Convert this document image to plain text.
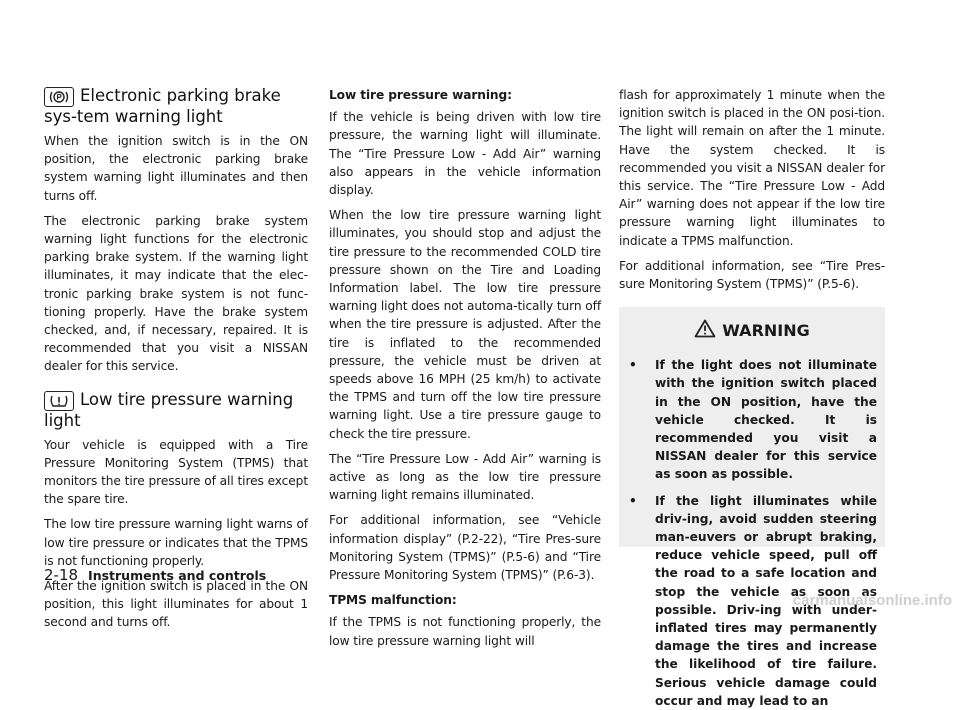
Electronic parking brake sys-tem warning light

When the ignition switch is in the ON position, the electronic parking brake system warning light illuminates and then turns off.

The electronic parking brake system warning light functions for the electronic parking brake system. If the warning light illuminates, it may indicate that the elec-tronic parking brake system is not func-tioning properly. Have the brake system checked, and, if necessary, repaired. It is recommended that you visit a NISSAN dealer for this service.

Low tire pressure warning light

Your vehicle is equipped with a Tire Pressure Monitoring System (TPMS) that monitors the tire pressure of all tires except the spare tire.

The low tire pressure warning light warns of low tire pressure or indicates that the TPMS is not functioning properly.

After the ignition switch is placed in the ON position, this light illuminates for about 1 second and turns off.

Low tire pressure warning:

If the vehicle is being driven with low tire pressure, the warning light will illuminate. The “Tire Pressure Low - Add Air” warning also appears in the vehicle information display.

When the low tire pressure warning light illuminates, you should stop and adjust the tire pressure to the recommended COLD tire pressure shown on the Tire and Loading Information label. The low tire pressure warning light does not automa-tically turn off when the tire pressure is adjusted. After the tire is inflated to the recommended pressure, the vehicle must be driven at speeds above 16 MPH (25 km/h) to activate the TPMS and turn off the low tire pressure warning light. Use a tire pressure gauge to check the tire pressure.

The “Tire Pressure Low - Add Air” warning is active as long as the low tire pressure warning light remains illuminated.

For additional information, see “Vehicle information display” (P.2-22), “Tire Pres-sure Monitoring System (TPMS)” (P.5-6) and “Tire Pressure Monitoring System (TPMS)” (P.6-3).

TPMS malfunction:

If the TPMS is not functioning properly, the low tire pressure warning light will

flash for approximately 1 minute when the ignition switch is placed in the ON posi-tion. The light will remain on after the 1 minute. Have the system checked. It is recommended you visit a NISSAN dealer for this service. The “Tire Pressure Low - Add Air” warning does not appear if the low tire pressure warning light illuminates to indicate a TPMS malfunction.

For additional information, see “Tire Pres-sure Monitoring System (TPMS)” (P.5-6).

WARNING
• If the light does not illuminate with the ignition switch placed in the ON position, have the vehicle checked. It is recommended you visit a NISSAN dealer for this service as soon as possible.
• If the light illuminates while driv-ing, avoid sudden steering man-euvers or abrupt braking, reduce vehicle speed, pull off the road to a safe location and stop the vehicle as soon as possible. Driv-ing with under-inflated tires may permanently damage the tires and increase the likelihood of tire failure. Serious vehicle damage could occur and may lead to an
2-18 Instruments and controls
carmanualsonline.info
